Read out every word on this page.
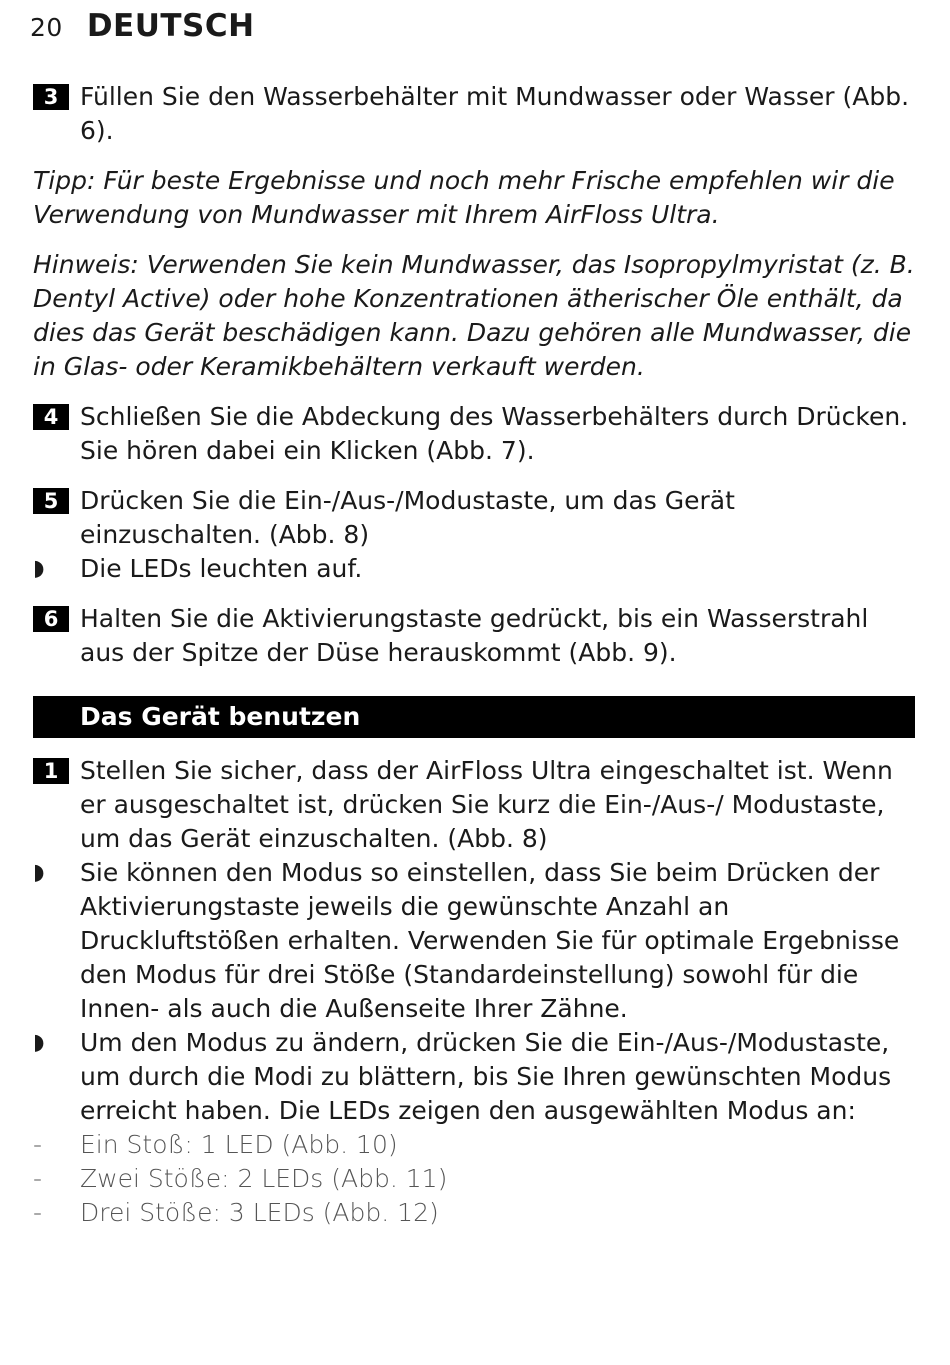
20 DEUTSCH
3 Füllen Sie den Wasserbehälter mit Mundwasser oder Wasser (Abb. 6).
Tipp: Für beste Ergebnisse und noch mehr Frische empfehlen wir die Verwendung von Mundwasser mit Ihrem AirFloss Ultra.
Hinweis: Verwenden Sie kein Mundwasser, das Isopropylmyristat (z. B. Dentyl Active) oder hohe Konzentrationen ätherischer Öle enthält, da dies das Gerät beschädigen kann. Dazu gehören alle Mundwasser, die in Glas- oder Keramikbehältern verkauft werden.
4 Schließen Sie die Abdeckung des Wasserbehälters durch Drücken. Sie hören dabei ein Klicken (Abb. 7).
5 Drücken Sie die Ein-/Aus-/Modustaste, um das Gerät einzuschalten. (Abb. 8)
◗	Die LEDs leuchten auf.
6 Halten Sie die Aktivierungstaste gedrückt, bis ein Wasserstrahl aus der Spitze der Düse herauskommt (Abb. 9).
Das Gerät benutzen
1 Stellen Sie sicher, dass der AirFloss Ultra eingeschaltet ist. Wenn er ausgeschaltet ist, drücken Sie kurz die Ein-/Aus-/ Modustaste, um das Gerät einzuschalten. (Abb. 8)
◗	Sie können den Modus so einstellen, dass Sie beim Drücken der Aktivierungstaste jeweils die gewünschte Anzahl an Druckluftstößen erhalten. Verwenden Sie für optimale Ergebnisse den Modus für drei Stöße (Standardeinstellung) sowohl für die Innen- als auch die Außenseite Ihrer Zähne.
◗	Um den Modus zu ändern, drücken Sie die Ein-/Aus-/Modustaste, um durch die Modi zu blättern, bis Sie Ihren gewünschten Modus erreicht haben. Die LEDs zeigen den ausgewählten Modus an:
-	Ein Stoß: 1 LED (Abb. 10)
-	Zwei Stöße: 2 LEDs (Abb. 11)
-	Drei Stöße: 3 LEDs (Abb. 12)
